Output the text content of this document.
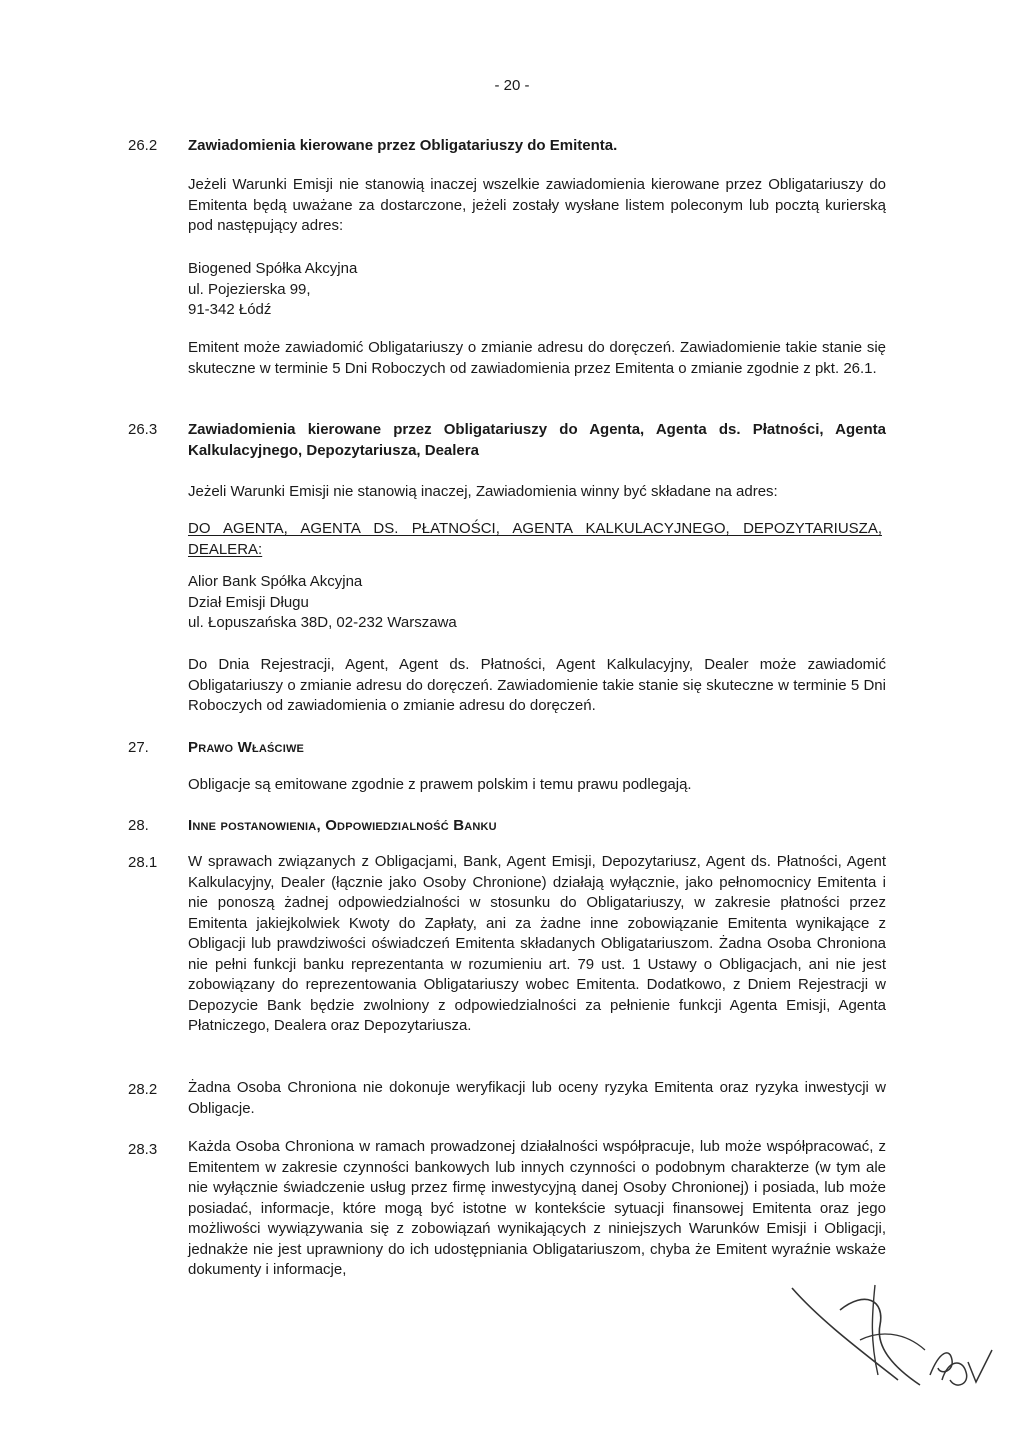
- 20 -
26.2	Zawiadomienia kierowane przez Obligatariuszy do Emitenta.
Jeżeli Warunki Emisji nie stanowią inaczej wszelkie zawiadomienia kierowane przez Obligatariuszy do Emitenta będą uważane za dostarczone, jeżeli zostały wysłane listem poleconym lub pocztą kurierską pod następujący adres:
Biogened Spółka Akcyjna
ul. Pojezierska 99,
91-342 Łódź
Emitent może zawiadomić Obligatariuszy o zmianie adresu do doręczeń. Zawiadomienie takie stanie się skuteczne w terminie 5 Dni Roboczych od zawiadomienia przez Emitenta o zmianie zgodnie z pkt. 26.1.
26.3	Zawiadomienia kierowane przez Obligatariuszy do Agenta, Agenta ds. Płatności, Agenta Kalkulacyjnego, Depozytariusza, Dealera
Jeżeli Warunki Emisji nie stanowią inaczej, Zawiadomienia winny być składane na adres:
DO AGENTA, AGENTA DS. PŁATNOŚCI, AGENTA KALKULACYJNEGO, DEPOZYTARIUSZA, DEALERA:
Alior Bank Spółka Akcyjna
Dział Emisji Długu
ul. Łopuszańska 38D, 02-232 Warszawa
Do Dnia Rejestracji, Agent, Agent ds. Płatności, Agent Kalkulacyjny, Dealer może zawiadomić Obligatariuszy o zmianie adresu do doręczeń. Zawiadomienie takie stanie się skuteczne w terminie 5 Dni Roboczych od zawiadomienia o zmianie adresu do doręczeń.
27.	Prawo Właściwe
Obligacje są emitowane zgodnie z prawem polskim i temu prawu podlegają.
28.	Inne postanowienia, Odpowiedzialność Banku
28.1	W sprawach związanych z Obligacjami, Bank, Agent Emisji, Depozytariusz, Agent ds. Płatności, Agent Kalkulacyjny, Dealer (łącznie jako Osoby Chronione) działają wyłącznie, jako pełnomocnicy Emitenta i nie ponoszą żadnej odpowiedzialności w stosunku do Obligatariuszy, w zakresie płatności przez Emitenta jakiejkolwiek Kwoty do Zapłaty, ani za żadne inne zobowiązanie Emitenta wynikające z Obligacji lub prawdziwości oświadczeń Emitenta składanych Obligatariuszom. Żadna Osoba Chroniona nie pełni funkcji banku reprezentanta w rozumieniu art. 79 ust. 1 Ustawy o Obligacjach, ani nie jest zobowiązany do reprezentowania Obligatariuszy wobec Emitenta. Dodatkowo, z Dniem Rejestracji w Depozycie Bank będzie zwolniony z odpowiedzialności za pełnienie funkcji Agenta Emisji, Agenta Płatniczego, Dealera oraz Depozytariusza.
28.2	Żadna Osoba Chroniona nie dokonuje weryfikacji lub oceny ryzyka Emitenta oraz ryzyka inwestycji w Obligacje.
28.3	Każda Osoba Chroniona w ramach prowadzonej działalności współpracuje, lub może współpracować, z Emitentem w zakresie czynności bankowych lub innych czynności o podobnym charakterze (w tym ale nie wyłącznie świadczenie usług przez firmę inwestycyjną danej Osoby Chronionej) i posiada, lub może posiadać, informacje, które mogą być istotne w kontekście sytuacji finansowej Emitenta oraz jego możliwości wywiązywania się z zobowiązań wynikających z niniejszych Warunków Emisji i Obligacji, jednakże nie jest uprawniony do ich udostępniania Obligatariuszom, chyba że Emitent wyraźnie wskaże dokumenty i informacje,
